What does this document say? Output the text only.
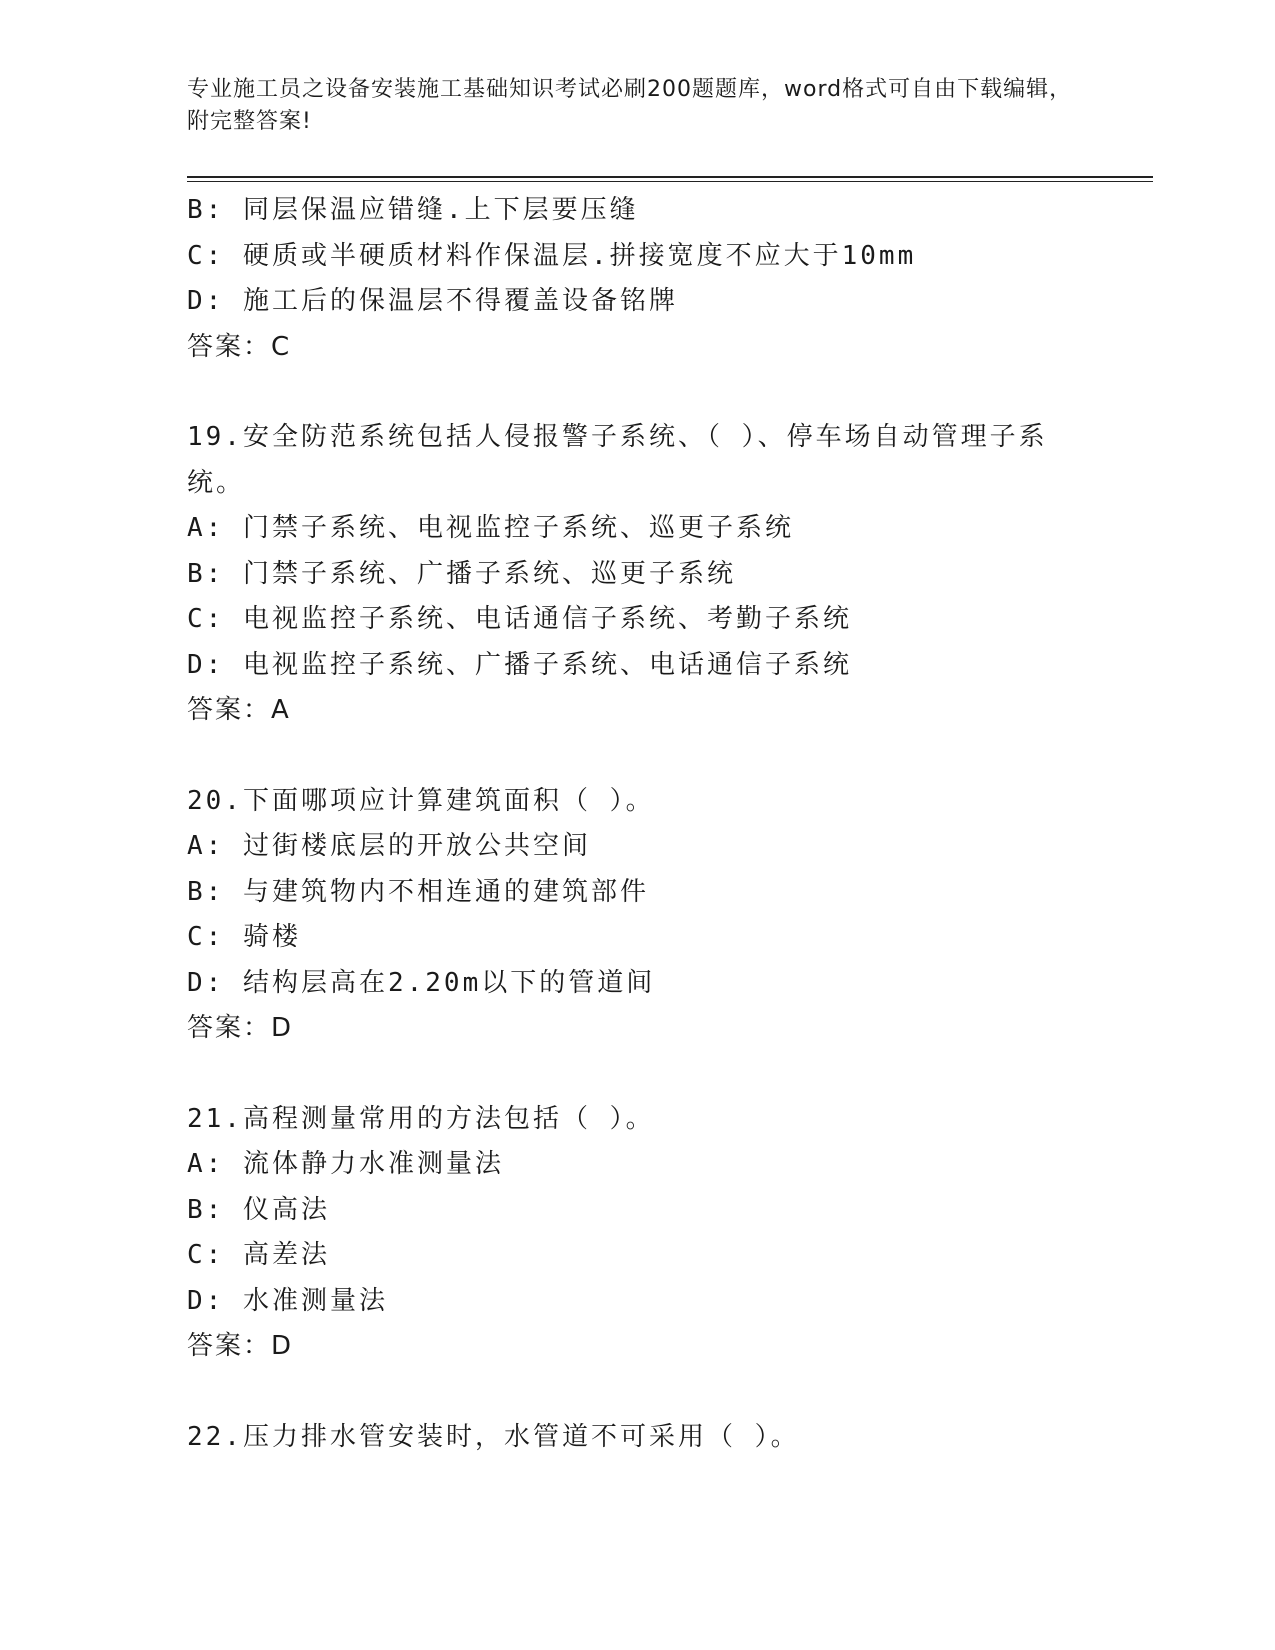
专业施工员之设备安装施工基础知识考试必刷200题题库，word格式可自由下载编辑，附完整答案!
B: 同层保温应错缝.上下层要压缝
C: 硬质或半硬质材料作保温层.拼接宽度不应大于10mm
D: 施工后的保温层不得覆盖设备铭牌
答案：C
19.安全防范系统包括人侵报警子系统、（ ）、停车场自动管理子系统。
A: 门禁子系统、电视监控子系统、巡更子系统
B: 门禁子系统、广播子系统、巡更子系统
C: 电视监控子系统、电话通信子系统、考勤子系统
D: 电视监控子系统、广播子系统、电话通信子系统
答案：A
20.下面哪项应计算建筑面积（ ）。
A: 过街楼底层的开放公共空间
B: 与建筑物内不相连通的建筑部件
C: 骑楼
D: 结构层高在2.20m以下的管道间
答案：D
21.高程测量常用的方法包括（ ）。
A: 流体静力水准测量法
B: 仪高法
C: 高差法
D: 水准测量法
答案：D
22.压力排水管安装时，水管道不可采用（ ）。
